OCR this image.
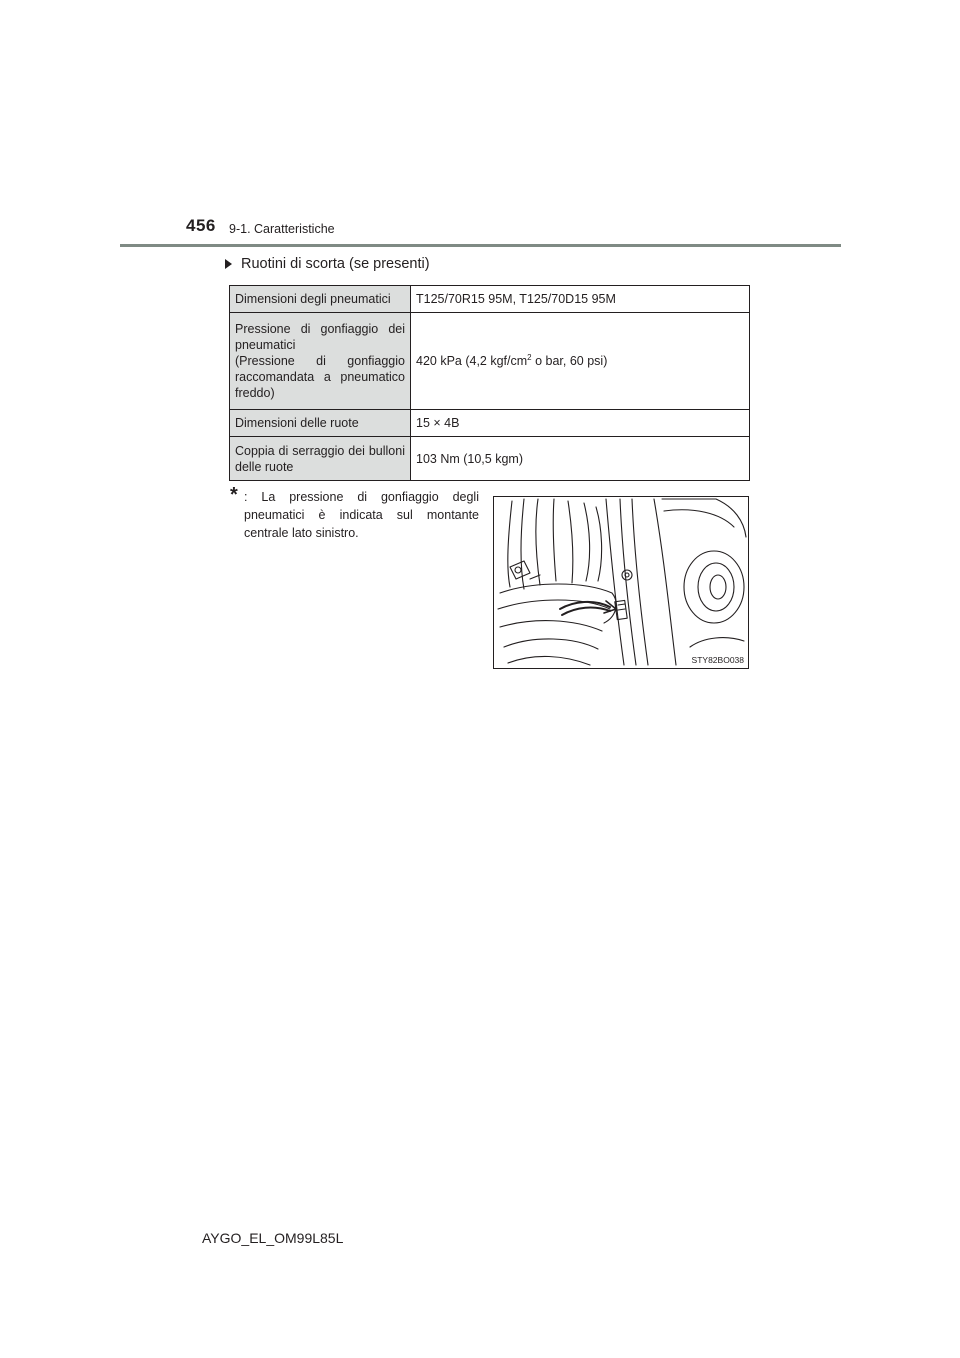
456 9-1. Caratteristiche
Ruotini di scorta (se presenti)
Dimensioni degli pneumatici	T125/70R15 95M, T125/70D15 95M

Pressione di gonfiaggio dei pneumatici
(Pressione di gonfiaggio raccomandata a pneumatico freddo)	420 kPa (4,2 kgf/$cm^2$ o bar, 60 psi)
Dimensioni delle ruote	15 × 4B
Coppia di serraggio dei bulloni delle ruote	103 Nm (10,5 kgm)
* : La pressione di gonfiaggio degli pneumatici è indicata sul montante centrale lato sinistro.
STY82BO038
AYGO_EL_OM99L85L
